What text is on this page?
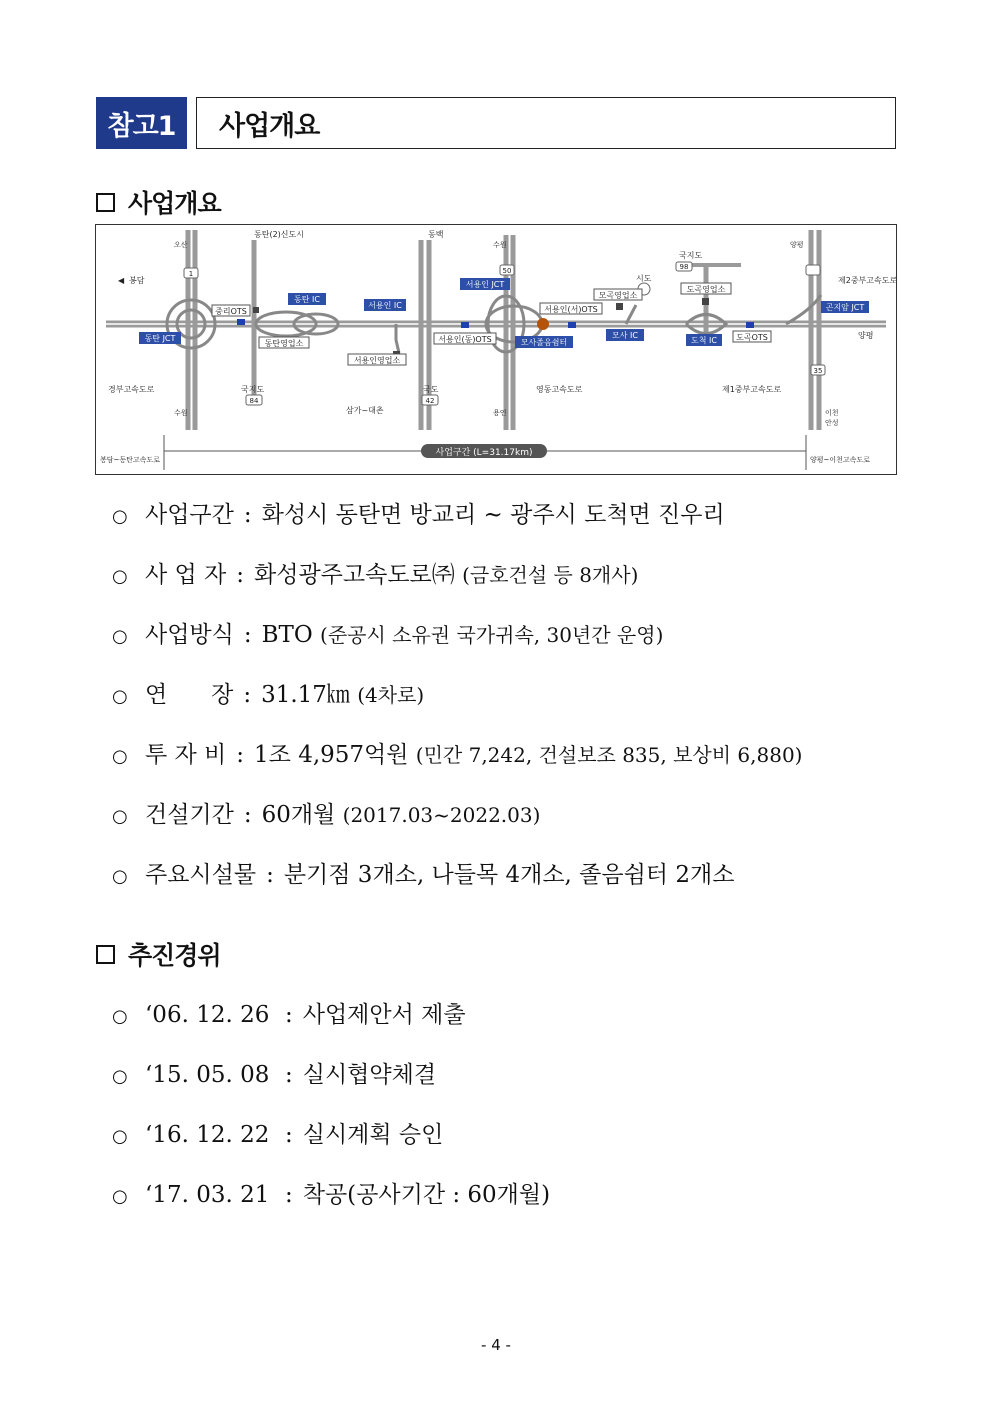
참고1	사업개요
사업개요
1	50	98
84	42
35
동탄 IC
서용인 IC
서용인 JCT
곤지암 JCT
동탄 JCT	모사졸음쉼터
모사 IC
도척 IC
중리OTS
모곡영업소
도곡영업소
서용인(서)OTS
동탄영업소	서용인(동)OTS	도곡OTS
서용인영업소
◀ 봉담
동탄(2)신도시	동백
국지도
시도	제2중부고속도로
양평
경부고속도로	국지도	국도	영동고속도로	제1중부고속도로
삼가~대촌
오산	수원	양평
수원	용인	이천
안성
사업구간 (L=31.17km)
봉담~동탄고속도로	양평~이천고속도로
○ 사업구간 : 화성시 동탄면 방교리 ~ 광주시 도척면 진우리
○ 사 업 자 : 화성광주고속도로㈜
(금호건설 등 8개사)
○ 사업방식 : BTO
(준공시 소유권 국가귀속, 30년간 운영)
○ 연      장 : 31.17㎞
(4차로)
○ 투 자 비 : 1조 4,957억원
(민간 7,242, 건설보조 835, 보상비 6,880)
○ 건설기간 : 60개월
(2017.03~2022.03)
○ 주요시설물 : 분기점 3개소, 나들목 4개소, 졸음쉼터 2개소
추진경위
○ ‘06. 12. 26 : 사업제안서 제출
○ ‘15. 05. 08 : 실시협약체결
○ ‘16. 12. 22 : 실시계획 승인
○ ‘17. 03. 21 : 착공(공사기간 : 60개월)
- 4 -
